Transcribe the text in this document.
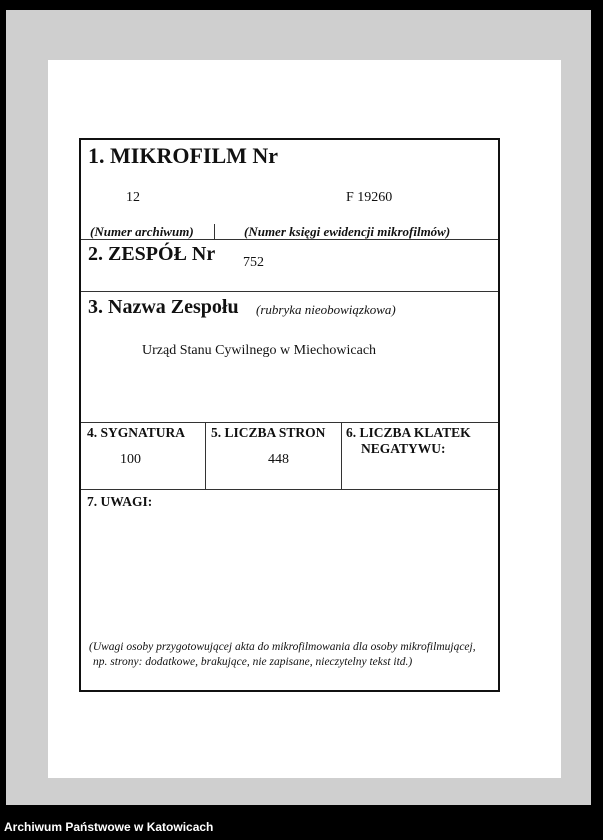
1. MIKROFILM Nr
12	F 19260
(Numer archiwum)	(Numer księgi ewidencji mikrofilmów)
2. ZESPÓŁ Nr 752
3. Nazwa Zespołu (rubryka nieobowiązkowa)
Urząd Stanu Cywilnego w Miechowicach
4. SYGNATURA
100
5. LICZBA STRON
448
6. LICZBA KLATEK
NEGATYWU:
7. UWAGI:
(Uwagi osoby przygotowującej akta do mikrofilmowania dla osoby mikrofilmującej,
np. strony: dodatkowe, brakujące, nie zapisane, nieczytelny tekst itd.)
Archiwum Państwowe w Katowicach
